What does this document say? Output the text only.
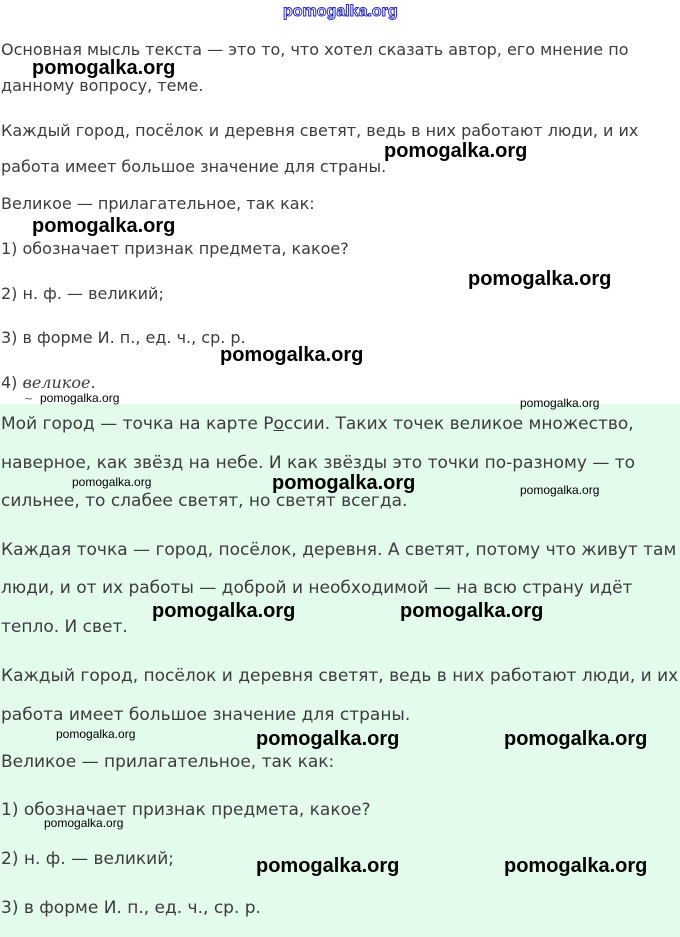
pomogalka.org
Основная мысль текста — это то, что хотел сказать автор, его мнение по
данному вопросу, теме.
Каждый город, посёлок и деревня светят, ведь в них работают люди, и их
работа имеет большое значение для страны.
Великое — прилагательное, так как:
1) обозначает признак предмета, какое?
2) н. ф. — великий;
3) в форме И. п., ед. ч., ср. р.
4) великое.
~
Мой город — точка на карте России. Таких точек великое множество,
наверное, как звёзд на небе. И как звёзды это точки по-разному — то
сильнее, то слабее светят, но светят всегда.
Каждая точка — город, посёлок, деревня. А светят, потому что живут там
люди, и от их работы — доброй и необходимой — на всю страну идёт
тепло. И свет.
Каждый город, посёлок и деревня светят, ведь в них работают люди, и их
работа имеет большое значение для страны.
Великое — прилагательное, так как:
1) обозначает признак предмета, какое?
2) н. ф. — великий;
3) в форме И. п., ед. ч., ср. р.
pomogalka.org
pomogalka.org
pomogalka.org
pomogalka.org
pomogalka.org
pomogalka.org
pomogalka.org	pomogalka.org
pomogalka.org	pomogalka.org
pomogalka.org	pomogalka.org
pomogalka.org	pomogalka.org
pomogalka.org
pomogalka.org
pomogalka.org
pomogalka.org
